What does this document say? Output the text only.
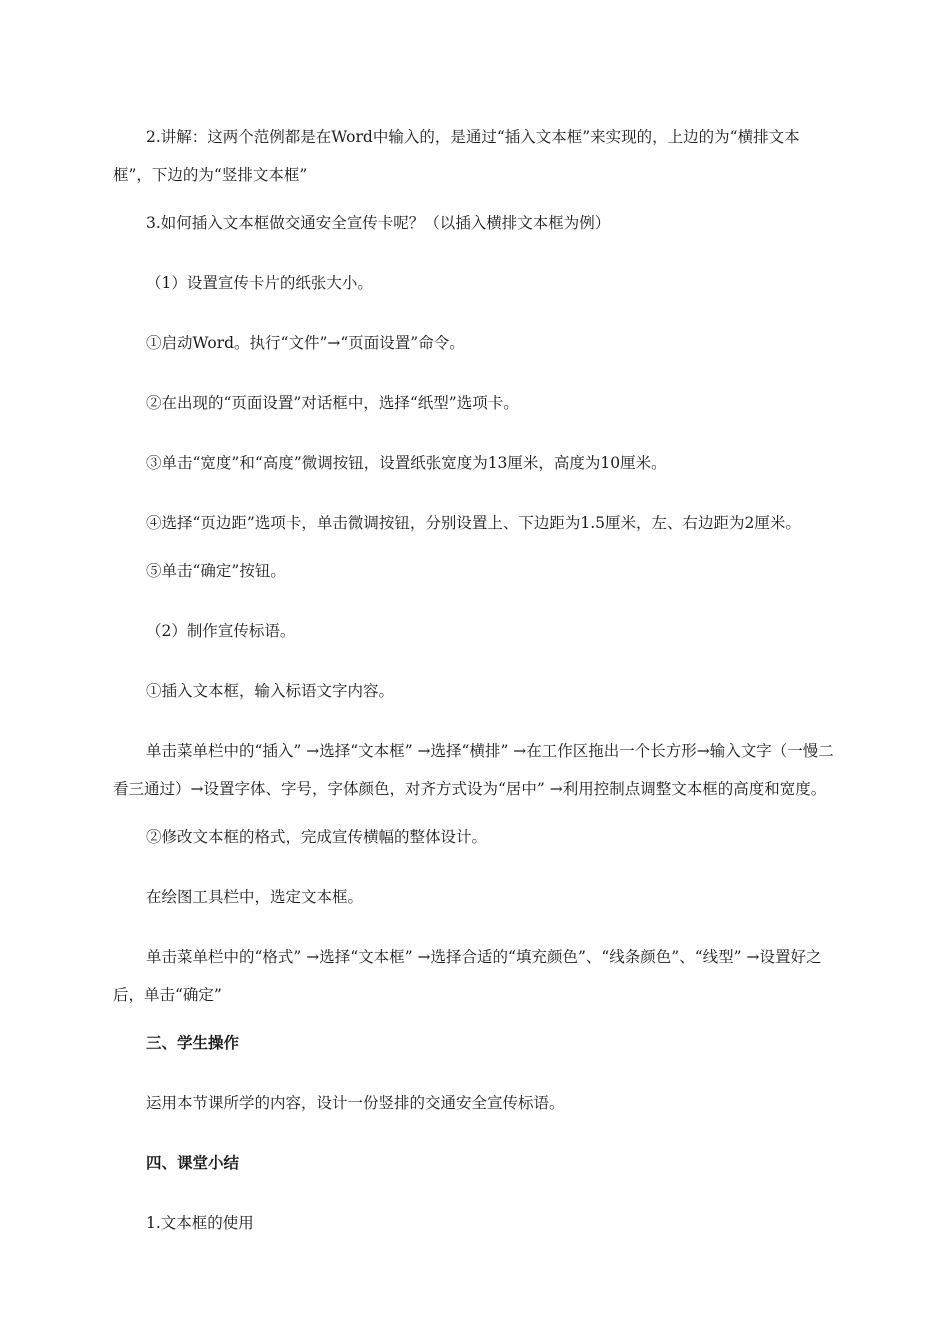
2.讲解：这两个范例都是在Word中输入的，是通过“插入文本框”来实现的，上边的为“横排文本框”，下边的为“竖排文本框”

3.如何插入文本框做交通安全宣传卡呢？（以插入横排文本框为例）

（1）设置宣传卡片的纸张大小。

①启动Word。执行“文件”→“页面设置”命令。

②在出现的“页面设置”对话框中，选择“纸型”选项卡。

③单击“宽度”和“高度”微调按钮，设置纸张宽度为13厘米，高度为10厘米。

④选择“页边距”选项卡，单击微调按钮，分别设置上、下边距为1.5厘米，左、右边距为2厘米。

⑤单击“确定”按钮。

（2）制作宣传标语。

①插入文本框，输入标语文字内容。

单击菜单栏中的“插入” →选择“文本框” →选择“横排” →在工作区拖出一个长方形→输入文字（一慢二看三通过）→设置字体、字号，字体颜色，对齐方式设为“居中” →利用控制点调整文本框的高度和宽度。

②修改文本框的格式，完成宣传横幅的整体设计。

在绘图工具栏中，选定文本框。

单击菜单栏中的“格式” →选择“文本框” →选择合适的“填充颜色”、“线条颜色”、“线型” →设置好之后，单击“确定”

三、学生操作

运用本节课所学的内容，设计一份竖排的交通安全宣传标语。

四、课堂小结

1.文本框的使用
